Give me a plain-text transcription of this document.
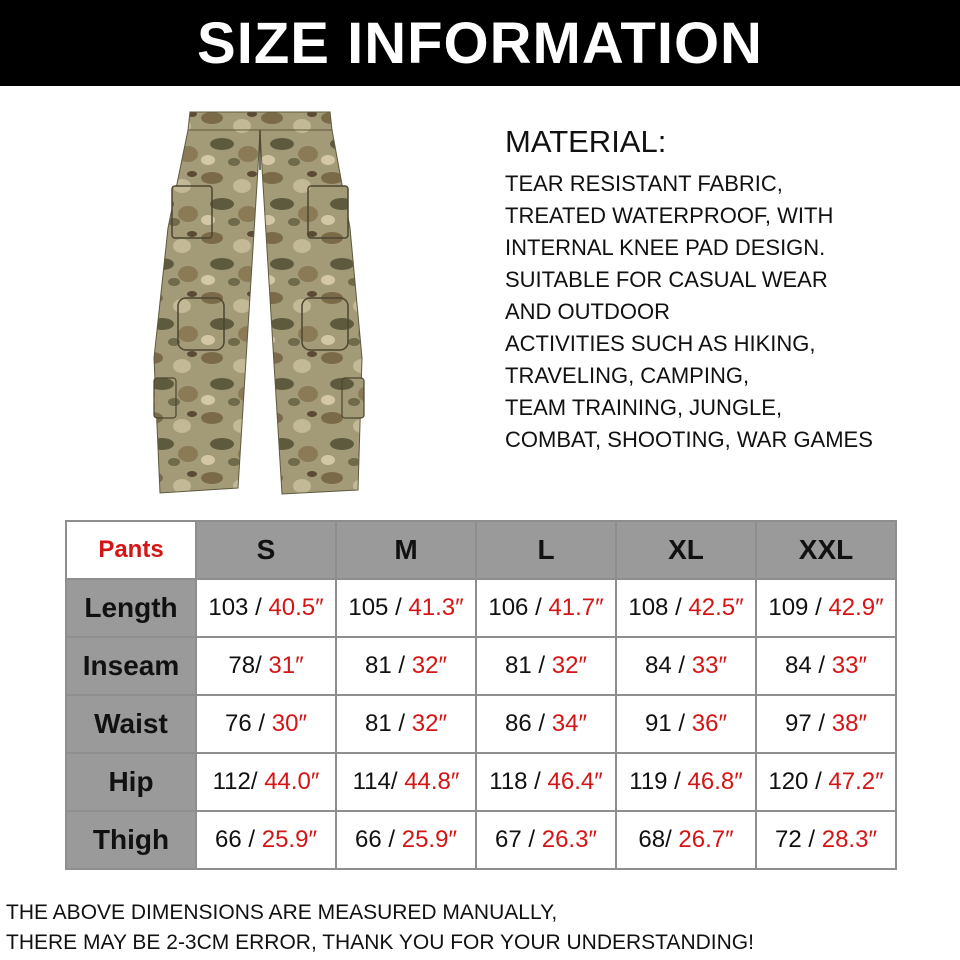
SIZE INFORMATION
MATERIAL:
TEAR RESISTANT FABRIC,
TREATED WATERPROOF, WITH
INTERNAL KNEE PAD DESIGN.
SUITABLE FOR CASUAL WEAR
AND OUTDOOR
ACTIVITIES SUCH AS HIKING,
TRAVELING, CAMPING,
TEAM TRAINING, JUNGLE,
COMBAT, SHOOTING, WAR GAMES
Pants	S	M	L	XL	XXL
Length	103 / 40.5″	105 / 41.3″	106 / 41.7″	108 / 42.5″	109 / 42.9″
Inseam	78/ 31″	81 / 32″	81 / 32″	84 / 33″	84 / 33″
Waist	76 / 30″	81 / 32″	86 / 34″	91 / 36″	97 / 38″
Hip	112/ 44.0″	114/ 44.8″	118 / 46.4″	119 / 46.8″	120 / 47.2″
Thigh	66 / 25.9″	66 / 25.9″	67 / 26.3″	68/ 26.7″	72 / 28.3″
THE ABOVE DIMENSIONS ARE MEASURED MANUALLY,
THERE MAY BE 2-3CM ERROR, THANK YOU FOR YOUR UNDERSTANDING!
